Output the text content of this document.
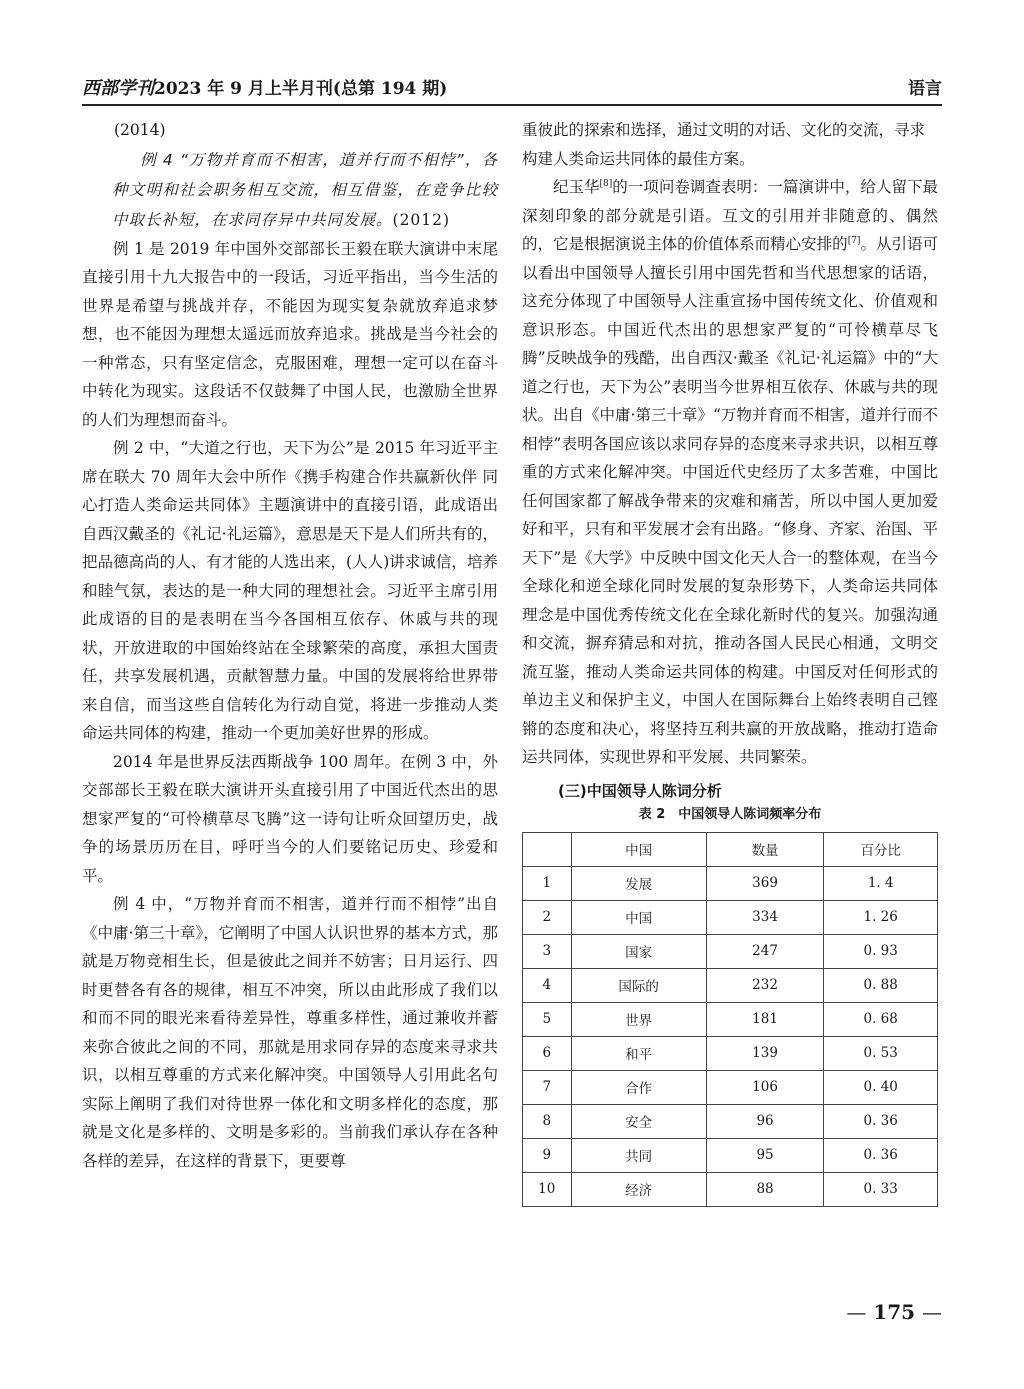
西部学刊2023 年 9 月上半月刊(总第 194 期)	语言

(2014)

例 4 “万物并育而不相害，道并行而不相悖”，各种文明和社会职务相互交流，相互借鉴，在竞争比较中取长补短，在求同存异中共同发展。(2012)

例 1 是 2019 年中国外交部部长王毅在联大演讲中末尾直接引用十九大报告中的一段话，习近平指出，当今生活的世界是希望与挑战并存，不能因为现实复杂就放弃追求梦想，也不能因为理想太遥远而放弃追求。挑战是当今社会的一种常态，只有坚定信念，克服困难，理想一定可以在奋斗中转化为现实。这段话不仅鼓舞了中国人民，也激励全世界的人们为理想而奋斗。

例 2 中，“大道之行也，天下为公”是 2015 年习近平主席在联大 70 周年大会中所作《携手构建合作共赢新伙伴 同心打造人类命运共同体》主题演讲中的直接引语，此成语出自西汉戴圣的《礼记·礼运篇》，意思是天下是人们所共有的，把品德高尚的人、有才能的人选出来，(人人)讲求诚信，培养和睦气氛，表达的是一种大同的理想社会。习近平主席引用此成语的目的是表明在当今各国相互依存、休戚与共的现状，开放进取的中国始终站在全球繁荣的高度，承担大国责任，共享发展机遇，贡献智慧力量。中国的发展将给世界带来自信，而当这些自信转化为行动自觉，将进一步推动人类命运共同体的构建，推动一个更加美好世界的形成。

2014 年是世界反法西斯战争 100 周年。在例 3 中，外交部部长王毅在联大演讲开头直接引用了中国近代杰出的思想家严复的“可怜横草尽飞腾”这一诗句让听众回望历史，战争的场景历历在目，呼吁当今的人们要铭记历史、珍爱和平。

例 4 中，“万物并育而不相害，道并行而不相悖”出自《中庸·第三十章》，它阐明了中国人认识世界的基本方式，那就是万物竞相生长，但是彼此之间并不妨害；日月运行、四时更替各有各的规律，相互不冲突，所以由此形成了我们以和而不同的眼光来看待差异性，尊重多样性，通过兼收并蓄来弥合彼此之间的不同，那就是用求同存异的态度来寻求共识，以相互尊重的方式来化解冲突。中国领导人引用此名句实际上阐明了我们对待世界一体化和文明多样化的态度，那就是文化是多样的、文明是多彩的。当前我们承认存在各种各样的差异，在这样的背景下，更要尊

重彼此的探索和选择，通过文明的对话、文化的交流，寻求构建人类命运共同体的最佳方案。

纪玉华[8]的一项问卷调查表明：一篇演讲中，给人留下最深刻印象的部分就是引语。互文的引用并非随意的、偶然的，它是根据演说主体的价值体系而精心安排的[7]。从引语可以看出中国领导人擅长引用中国先哲和当代思想家的话语，这充分体现了中国领导人注重宣扬中国传统文化、价值观和意识形态。中国近代杰出的思想家严复的“可怜横草尽飞腾”反映战争的残酷，出自西汉·戴圣《礼记·礼运篇》中的“大道之行也，天下为公”表明当今世界相互依存、休戚与共的现状。出自《中庸·第三十章》“万物并育而不相害，道并行而不相悖”表明各国应该以求同存异的态度来寻求共识，以相互尊重的方式来化解冲突。中国近代史经历了太多苦难，中国比任何国家都了解战争带来的灾难和痛苦，所以中国人更加爱好和平，只有和平发展才会有出路。“修身、齐家、治国、平天下”是《大学》中反映中国文化天人合一的整体观，在当今全球化和逆全球化同时发展的复杂形势下，人类命运共同体理念是中国优秀传统文化在全球化新时代的复兴。加强沟通和交流，摒弃猜忌和对抗，推动各国人民民心相通，文明交流互鉴，推动人类命运共同体的构建。中国反对任何形式的单边主义和保护主义，中国人在国际舞台上始终表明自己铿锵的态度和决心，将坚持互利共赢的开放战略，推动打造命运共同体，实现世界和平发展、共同繁荣。

(三)中国领导人陈词分析
表 2　中国领导人陈词频率分布
	中国	数量	百分比
1	发展	369	1. 4
2	中国	334	1. 26
3	国家	247	0. 93
4	国际的	232	0. 88
5	世界	181	0. 68
6	和平	139	0. 53
7	合作	106	0. 40
8	安全	96	0. 36
9	共同	95	0. 36
10	经济	88	0. 33
— 175 —
